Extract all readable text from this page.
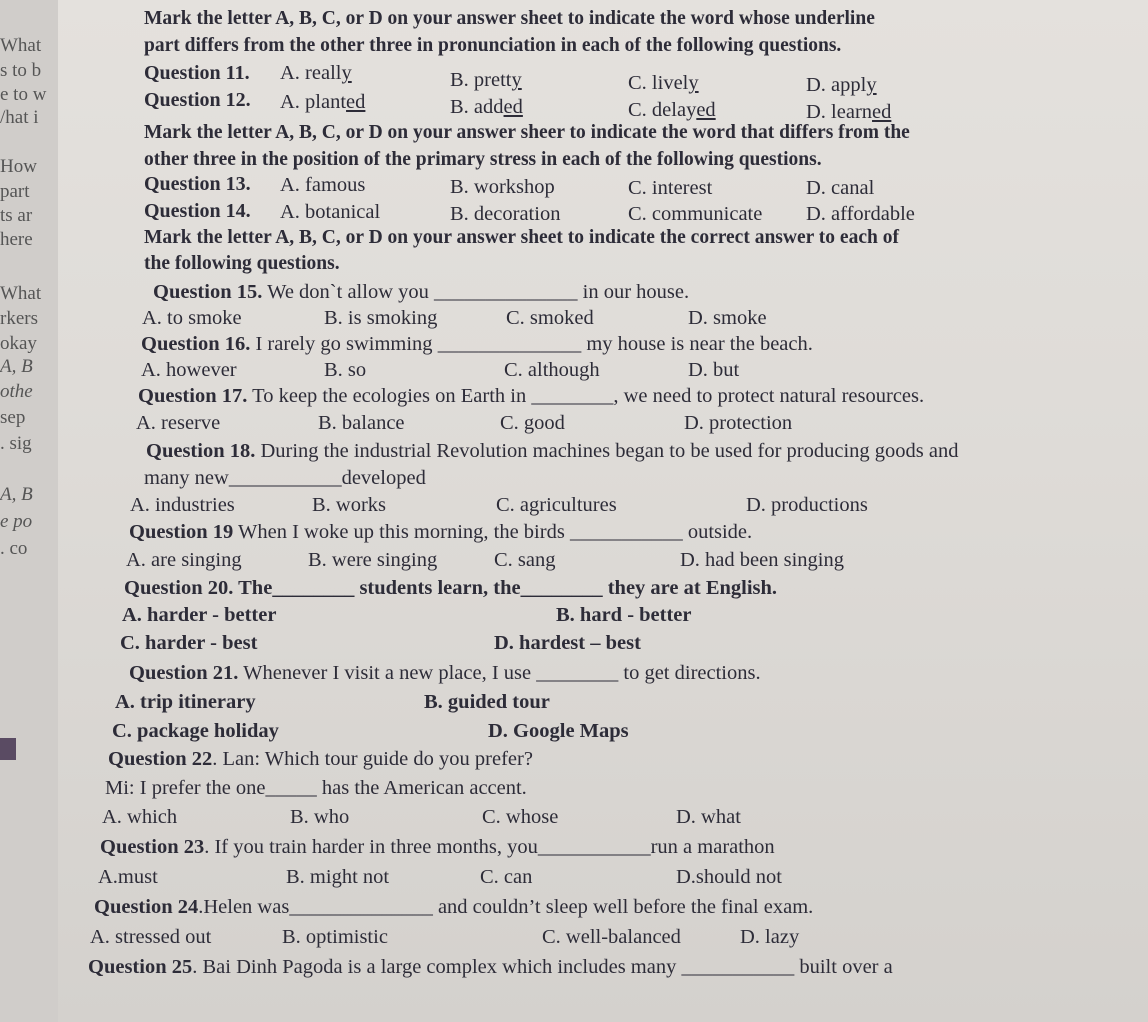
What
s to b
e to w
/hat i
How
part
ts ar
here
What
rkers
okay
A, B
othe
sep
. sig
A, B
e po
. co
Mark the letter A, B, C, or D on your answer sheet to indicate the word whose underline
part differs from the other three in pronunciation in each of the following questions.
Question 11. A. really	B. pretty	C. lively	D. apply
Question 12. A. planted	B. added	C. delayed	D. learned
Mark the letter A, B, C, or D on your answer sheer to indicate the word that differs from the
other three in the position of the primary stress in each of the following questions.
Question 13. A. famous	B. workshop	C. interest	D. canal
Question 14. A. botanical	B. decoration	C. communicate D. affordable
Mark the letter A, B, C, or D on your answer sheet to indicate the correct answer to each of
the following questions.
Question 15. We don`t allow you ______________ in our house.
A. to smoke	B. is smoking	C. smoked	D. smoke
Question 16. I rarely go swimming ______________ my house is near the beach.
A. however	B. so	C. although	D. but
Question 17. To keep the ecologies on Earth in ________, we need to protect natural resources.
A. reserve	B. balance	C. good	D. protection
Question 18. During the industrial Revolution machines began to be used for producing goods and
many new___________developed
A. industries	B. works	C. agricultures	D. productions
Question 19 When I woke up this morning, the birds ___________ outside.
A. are singing	B. were singing	C. sang	D. had been singing
Question 20. The________ students learn, the________ they are at English.
A. harder - better	B. hard - better
C. harder - best	D. hardest – best
Question 21. Whenever I visit a new place, I use ________ to get directions.
A. trip itinerary	B. guided tour
C. package holiday	D. Google Maps
Question 22. Lan: Which tour guide do you prefer?
Mi: I prefer the one_____ has the American accent.
A. which	B. who	C. whose	D. what
Question 23. If you train harder in three months, you___________run a marathon
A.must	B. might not	C. can	D.should not
Question 24.Helen was______________ and couldn’t sleep well before the final exam.
A. stressed out	B. optimistic	C. well-balanced	D. lazy
Question 25. Bai Dinh Pagoda is a large complex which includes many ___________ built over a
